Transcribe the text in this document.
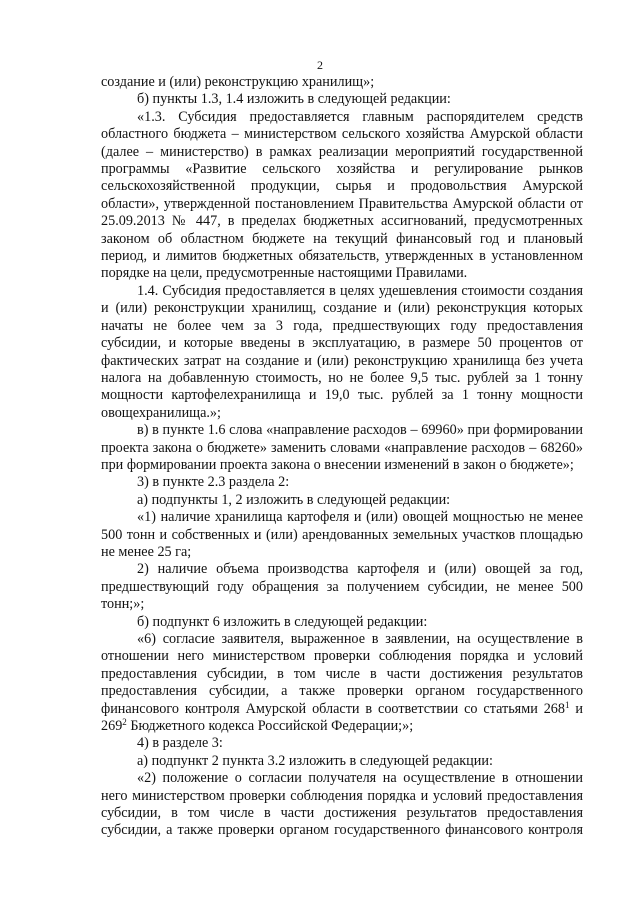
2

создание и (или) реконструкцию хранилищ»;

б) пункты 1.3, 1.4 изложить в следующей редакции:

«1.3. Субсидия предоставляется главным распорядителем средств областного бюджета – министерством сельского хозяйства Амурской области (далее – министерство) в рамках реализации мероприятий государственной программы «Развитие сельского хозяйства и регулирование рынков сельскохозяйственной продукции, сырья и продовольствия Амурской области», утвержденной постановлением Правительства Амурской области от 25.09.2013 № 447, в пределах бюджетных ассигнований, предусмотренных законом об областном бюджете на текущий финансовый год и плановый период, и лимитов бюджетных обязательств, утвержденных в установленном порядке на цели, предусмотренные настоящими Правилами.

1.4. Субсидия предоставляется в целях удешевления стоимости создания и (или) реконструкции хранилищ, создание и (или) реконструкция которых начаты не более чем за 3 года, предшествующих году предоставления субсидии, и которые введены в эксплуатацию, в размере 50 процентов от фактических затрат на создание и (или) реконструкцию хранилища без учета налога на добавленную стоимость, но не более 9,5 тыс. рублей за 1 тонну мощности картофелехранилища и 19,0 тыс. рублей за 1 тонну мощности овощехранилища.»;

в) в пункте 1.6 слова «направление расходов – 69960» при формировании проекта закона о бюджете» заменить словами «направление расходов – 68260» при формировании проекта закона о внесении изменений в закон о бюджете»;

3) в пункте 2.3 раздела 2:

а) подпункты 1, 2 изложить в следующей редакции:

«1) наличие хранилища картофеля и (или) овощей мощностью не менее 500 тонн и собственных и (или) арендованных земельных участков площадью не менее 25 га;

2) наличие объема производства картофеля и (или) овощей за год, предшествующий году обращения за получением субсидии, не менее 500 тонн;»;

б) подпункт 6 изложить в следующей редакции:

«6) согласие заявителя, выраженное в заявлении, на осуществление в отношении него министерством проверки соблюдения порядка и условий предоставления субсидии, в том числе в части достижения результатов предоставления субсидии, а также проверки органом государственного финансового контроля Амурской области в соответствии со статьями $268^1$ и $269^2$ Бюджетного кодекса Российской Федерации;»;

4) в разделе 3:

а) подпункт 2 пункта 3.2 изложить в следующей редакции:

«2) положение о согласии получателя на осуществление в отношении него министерством проверки соблюдения порядка и условий предоставления субсидии, в том числе в части достижения результатов предоставления субсидии, а также проверки органом государственного финансового контроля
